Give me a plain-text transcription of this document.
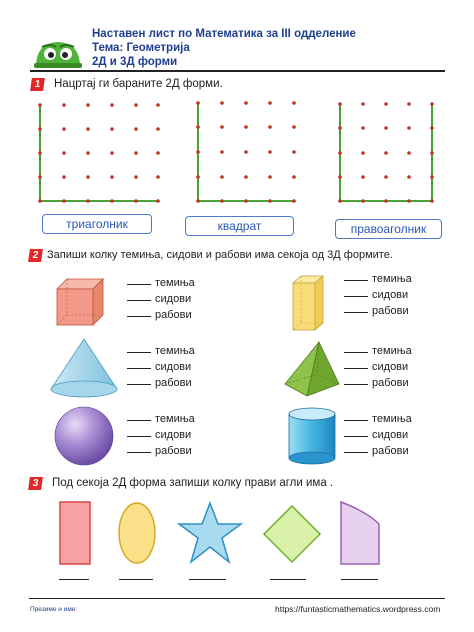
Наставен лист по Математика за III одделение
Тема: Геометрија
2Д и 3Д форми
1	Нацртај ги бараните 2Д форми.
триаголник	квадрат	правоаголник
2 Запиши колку темиња, сидови и рабови има секоја од 3Д формите.
темиња
сидови
рабови
темиња
сидови
рабови
темиња
сидови
рабови
темиња
сидови
рабови
темиња
сидови
рабови
темиња
сидови
рабови
3	Под секоја 2Д форма запиши колку прави агли има .
Презиме и име:	https://funtasticmathematics.wordpress.com
